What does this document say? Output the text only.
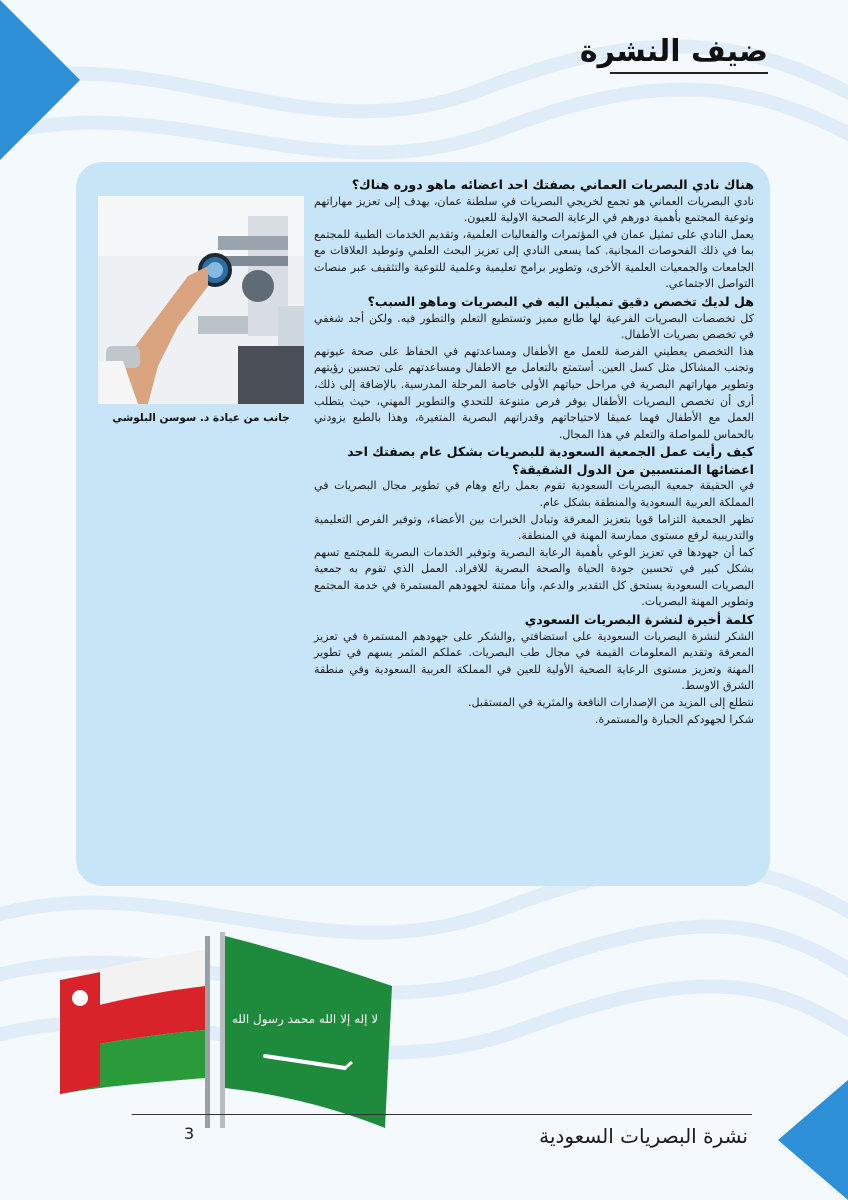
ضيف النشرة
جانب من عيادة د. سوسن البلوشي

هناك نادي البصريات العماني بصفتك احد اعضائه ماهو دوره هناك؟

نادي البصريات العماني هو تجمع لخريجي البصريات في سلطنة عمان، يهدف إلى تعزيز مهاراتهم وتوعية المجتمع بأهمية دورهم في الرعاية الصحية الاولية للعيون.

يعمل النادي على تمثيل عمان في المؤتمرات والفعاليات العلمية، وتقديم الخدمات الطبية للمجتمع بما في ذلك الفحوصات المجانية. كما يسعى النادي إلى تعزيز البحث العلمي وتوطيد العلاقات مع الجامعات والجمعيات العلمية الأخرى، وتطوير برامج تعليمية وعلمية للتوعية والتثقيف عبر منصات التواصل الاجتماعي.

هل لديك تخصص دقيق تميلين اليه في البصريات وماهو السبب؟

كل تخصصات البصريات الفرعية لها طابع مميز وتستطيع التعلم والتطور فيه. ولكن أجد شغفي في تخصص بصريات الأطفال.

هذا التخصص يعطيني الفرصة للعمل مع الأطفال ومساعدتهم في الحفاظ على صحة عيونهم وتجنب المشاكل مثل كسل العين. أستمتع بالتعامل مع الاطفال ومساعدتهم على تحسين رؤيتهم وتطوير مهاراتهم البصرية في مراحل حياتهم الأولى خاصة المرحلة المدرسية. بالإضافة إلى ذلك، أرى أن تخصص البصريات الأطفال يوفر فرص متنوعة للتحدي والتطوير المهني، حيث يتطلب العمل مع الأطفال فهما عميقا لاحتياجاتهم وقدراتهم البصرية المتغيرة، وهذا بالطبع يزودني بالحماس للمواصلة والتعلم في هذا المجال.

كيف رأيت عمل الجمعية السعودية للبصريات بشكل عام بصفتك احد اعضائها المنتسبين من الدول الشقيقة؟

في الحقيقة جمعية البصريات السعودية تقوم بعمل رائع وهام في تطوير مجال البصريات في المملكة العربية السعودية والمنطقة بشكل عام.

تظهر الجمعية التزاما قويا بتعزيز المعرفة وتبادل الخبرات بين الأعضاء، وتوفير الفرص التعليمية والتدريبية لرفع مستوى ممارسة المهنة في المنطقة.

كما أن جهودها في تعزيز الوعي بأهمية الرعاية البصرية وتوفير الخدمات البصرية للمجتمع تسهم بشكل كبير في تحسين جودة الحياة والصحة البصرية للافراد. العمل الذي تقوم به جمعية البصريات السعودية يستحق كل التقدير والدعم، وأنا ممتنة لجهودهم المستمرة في خدمة المجتمع وتطوير المهنة البصريات.

كلمة أخيرة لنشرة البصريات السعودي

الشكر لنشرة البصريات السعودية على استضافتي ,والشكر على جهودهم المستمرة في تعزيز المعرفة وتقديم المعلومات القيمة في مجال طب البصريات. عملكم المثمر يسهم في تطوير المهنة وتعزيز مستوى الرعاية الصحية الأولية للعين في المملكة العربية السعودية وفي منطقة الشرق الاوسط.

نتطلع إلى المزيد من الإصدارات النافعة والمثرية في المستقبل.

شكرا لجهودكم الجبارة والمستمرة.

لا إله إلا الله محمد رسول الله
3	نشرة البصريات السعودية
